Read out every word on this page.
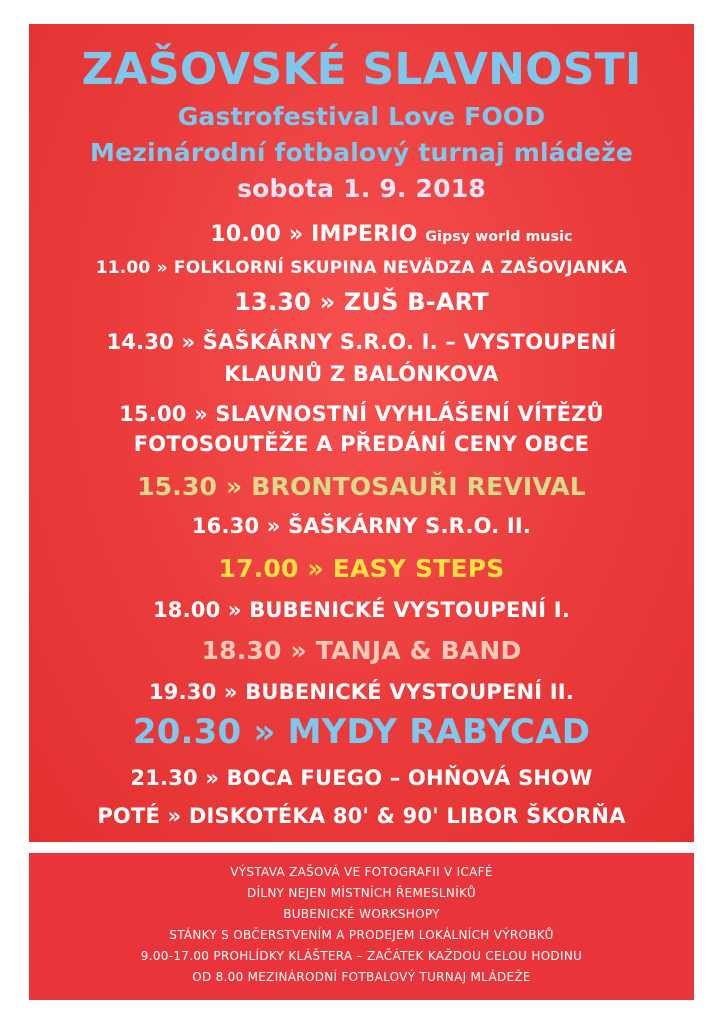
ZAŠOVSKÉ SLAVNOSTI
Gastrofestival Love FOOD
Mezinárodní fotbalový turnaj mládeže
sobota 1. 9. 2018
10.00 » IMPERIO Gipsy world music
11.00 » FOLKLORNÍ SKUPINA NEVÄDZA A ZAŠOVJANKA
13.30 » ZUŠ B-ART
14.30 » ŠAŠKÁRNY S.R.O. I. – VYSTOUPENÍ
KLAUNŮ Z BALÓNKOVA
15.00 » SLAVNOSTNÍ VYHLÁŠENÍ VÍTĚZŮ
FOTOSOUTĚŽE A PŘEDÁNÍ CENY OBCE
15.30 » BRONTOSAUŘI REVIVAL
16.30 » ŠAŠKÁRNY S.R.O. II.
17.00 » EASY STEPS
18.00 » BUBENICKÉ VYSTOUPENÍ I.
18.30 » TANJA & BAND
19.30 » BUBENICKÉ VYSTOUPENÍ II.
20.30 » MYDY RABYCAD
21.30 » BOCA FUEGO – OHŇOVÁ SHOW
POTÉ » DISKOTÉKA 80' & 90' LIBOR ŠKORŇA
VÝSTAVA ZAŠOVÁ VE FOTOGRAFII V ICAFÉ
DÍLNY NEJEN MÍSTNÍCH ŘEMESLNÍKŮ
BUBENICKÉ WORKSHOPY
STÁNKY S OBČERSTVENÍM A PRODEJEM LOKÁLNÍCH VÝROBKŮ
9.00-17.00 PROHLÍDKY KLÁŠTERA – ZAČÁTEK KAŽDOU CELOU HODINU
OD 8.00 MEZINÁRODNÍ FOTBALOVÝ TURNAJ MLÁDEŽE
